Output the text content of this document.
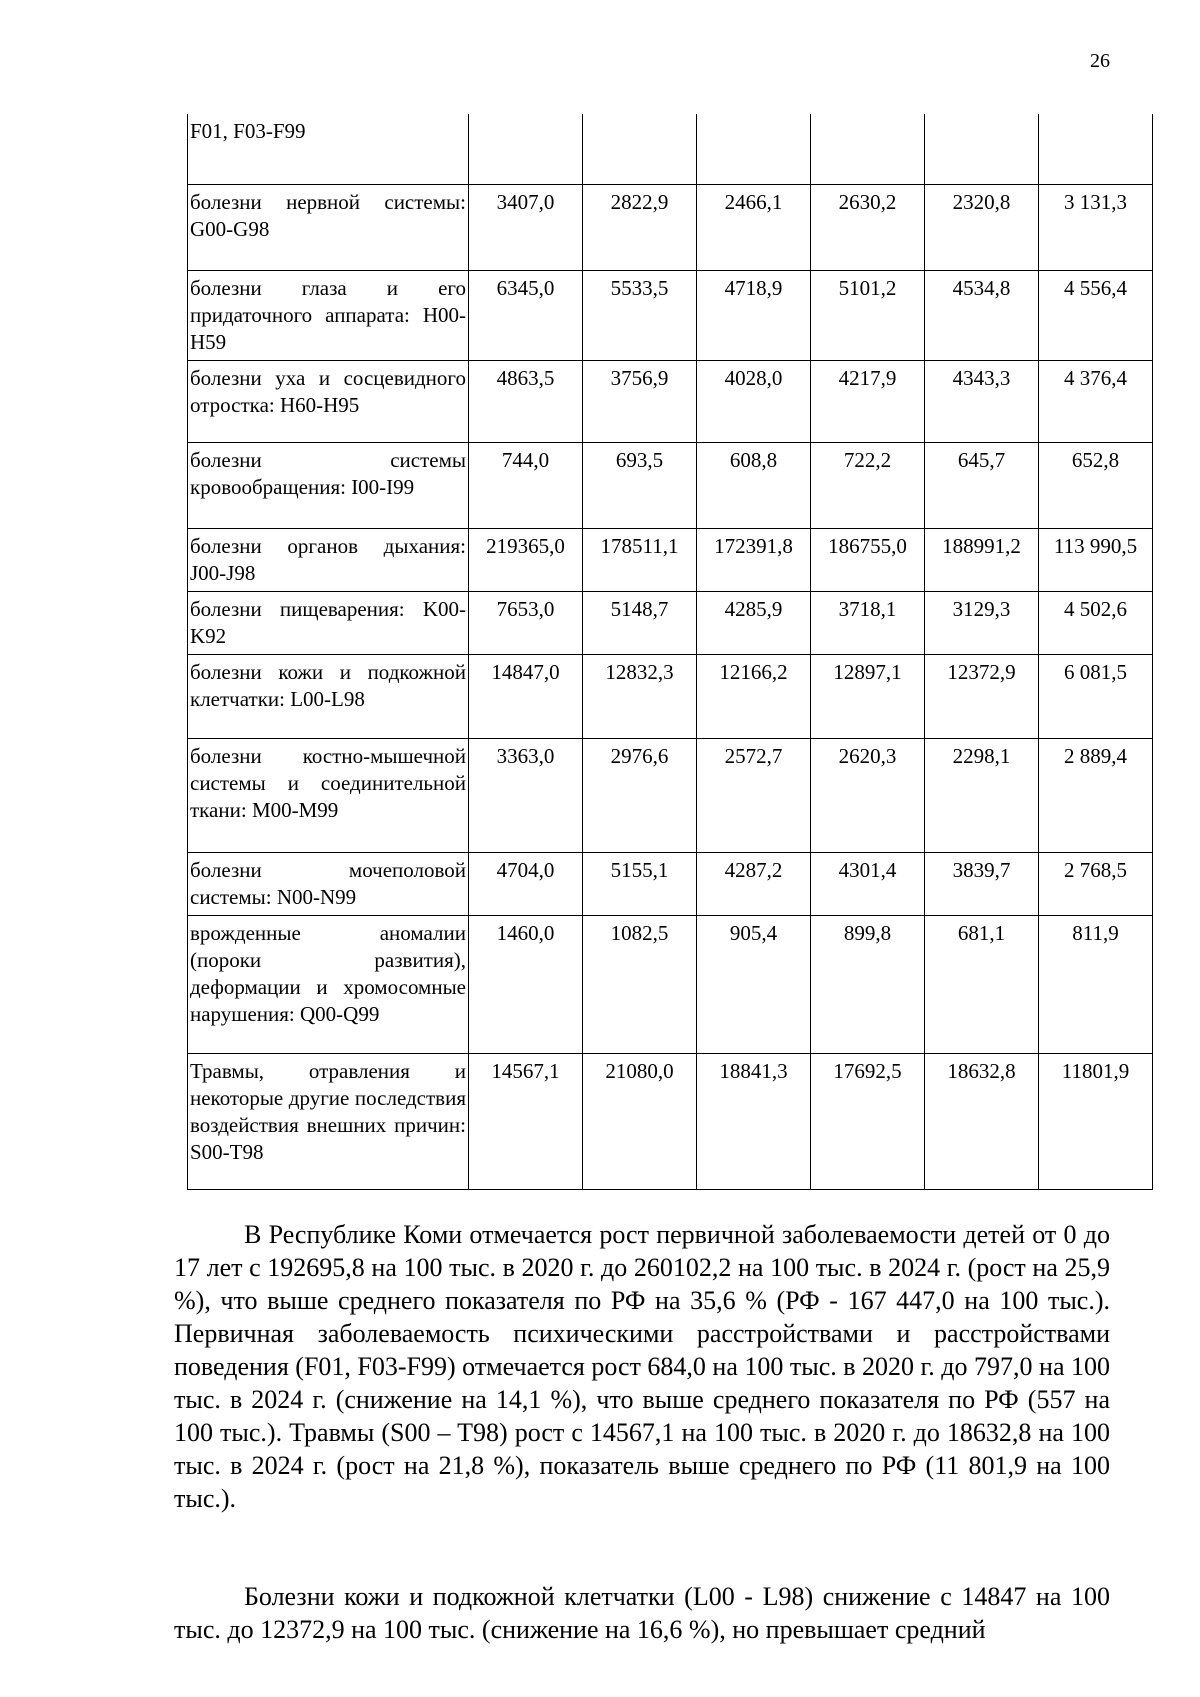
26
F01, F03-F99						
болезни нервной системы: G00-G98	3407,0	2822,9	2466,1	2630,2	2320,8	3 131,3
болезни глаза и его придаточного аппарата: H00-H59	6345,0	5533,5	4718,9	5101,2	4534,8	4 556,4
болезни уха и сосцевидного отростка: H60-H95	4863,5	3756,9	4028,0	4217,9	4343,3	4 376,4
болезни системы кровообращения: I00-I99	744,0	693,5	608,8	722,2	645,7	652,8
болезни органов дыхания: J00-J98	219365,0	178511,1	172391,8	186755,0	188991,2	113 990,5
болезни пищеварения: K00-K92	7653,0	5148,7	4285,9	3718,1	3129,3	4 502,6
болезни кожи и подкожной клетчатки: L00-L98	14847,0	12832,3	12166,2	12897,1	12372,9	6 081,5
болезни костно-мышечной системы и соединительной ткани: M00-M99	3363,0	2976,6	2572,7	2620,3	2298,1	2 889,4
болезни мочеполовой системы: N00-N99	4704,0	5155,1	4287,2	4301,4	3839,7	2 768,5
врожденные аномалии (пороки развития), деформации и хромосомные нарушения: Q00-Q99	1460,0	1082,5	905,4	899,8	681,1	811,9
Травмы, отравления и некоторые другие последствия воздействия внешних причин: S00-T98	14567,1	21080,0	18841,3	17692,5	18632,8	11801,9

В Республике Коми отмечается рост первичной заболеваемости детей от 0 до 17 лет с 192695,8 на 100 тыс. в 2020 г. до 260102,2 на 100 тыс. в 2024 г. (рост на 25,9 %), что выше среднего показателя по РФ на 35,6 % (РФ - 167 447,0 на 100 тыс.). Первичная заболеваемость психическими расстройствами и расстройствами поведения (F01, F03-F99) отмечается рост 684,0 на 100 тыс. в 2020 г. до 797,0 на 100 тыс. в 2024 г. (снижение на 14,1 %), что выше среднего показателя по РФ (557 на 100 тыс.). Травмы (S00 – T98) рост с 14567,1 на 100 тыс. в 2020 г. до 18632,8 на 100 тыс. в 2024 г. (рост на 21,8 %), показатель выше среднего по РФ (11 801,9 на 100 тыс.).

Болезни кожи и подкожной клетчатки (L00 - L98) снижение с 14847 на 100 тыс. до 12372,9 на 100 тыс. (снижение на 16,6 %), но превышает средний
